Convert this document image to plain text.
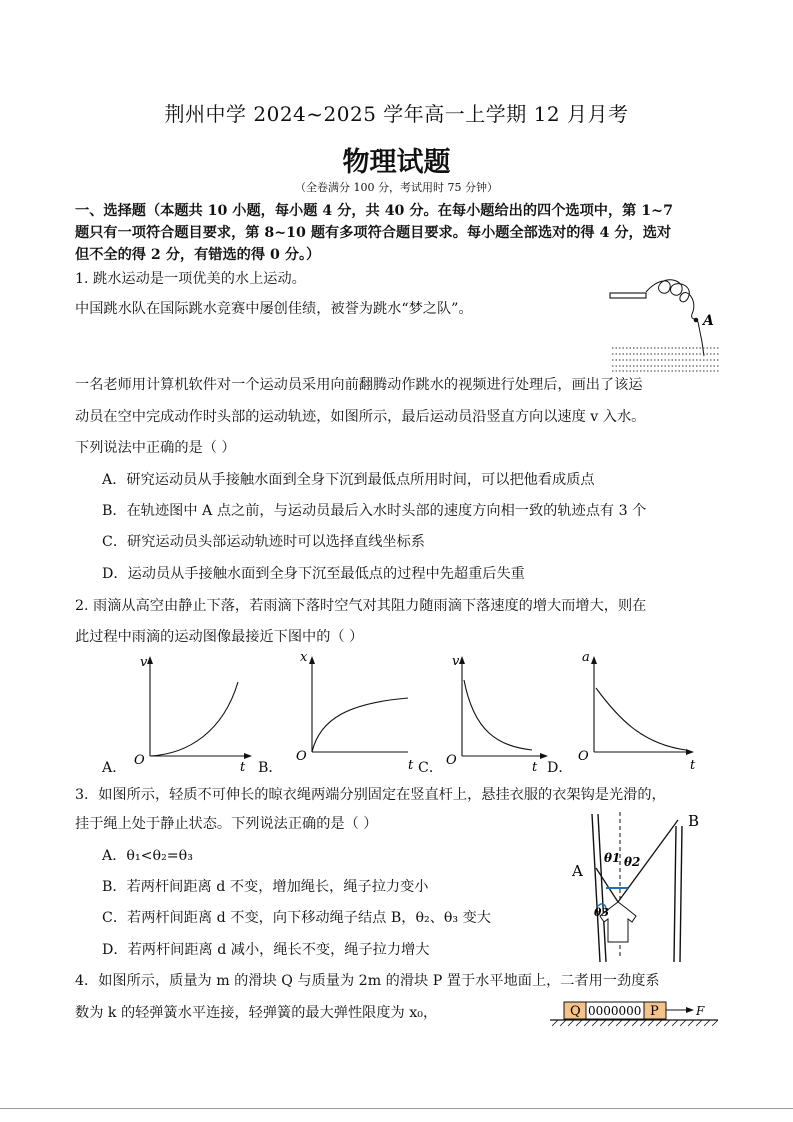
荆州中学 2024~2025 学年高一上学期 12 月月考
物理试题
（全卷满分 100 分，考试用时 75 分钟）
一、选择题（本题共 10 小题，每小题 4 分，共 40 分。在每小题给出的四个选项中，第 1~7
题只有一项符合题目要求，第 8~10 题有多项符合题目要求。每小题全部选对的得 4 分，选对
但不全的得 2 分，有错选的得 0 分。）
1. 跳水运动是一项优美的水上运动。
中国跳水队在国际跳水竞赛中屡创佳绩，被誉为跳水“梦之队”。
A
一名老师用计算机软件对一个运动员采用向前翻腾动作跳水的视频进行处理后，画出了该运
动员在空中完成动作时头部的运动轨迹，如图所示，最后运动员沿竖直方向以速度 v 入水。
下列说法中正确的是（ ）
A．研究运动员从手接触水面到全身下沉到最低点所用时间，可以把他看成质点
B．在轨迹图中 A 点之前，与运动员最后入水时头部的速度方向相一致的轨迹点有 3 个
C．研究运动员头部运动轨迹时可以选择直线坐标系
D．运动员从手接触水面到全身下沉至最低点的过程中先超重后失重
2. 雨滴从高空由静止下落，若雨滴下落时空气对其阻力随雨滴下落速度的增大而增大，则在
此过程中雨滴的运动图像最接近下图中的（ ）
A．
v
O	t B．
x
O
t C．
v
O	t D．
a
O
t
3．如图所示，轻质不可伸长的晾衣绳两端分别固定在竖直杆上，悬挂衣服的衣架钩是光滑的，
挂于绳上处于静止状态。下列说法正确的是（ ）
A．θ₁<θ₂=θ₃
B．若两杆间距离 d 不变，增加绳长，绳子拉力变小
C．若两杆间距离 d 不变，向下移动绳子结点 B，θ₂、θ₃ 变大
D．若两杆间距离 d 减小，绳长不变，绳子拉力增大
θ1 θ2
θ3
A
B
4．如图所示，质量为 m 的滑块 Q 与质量为 2m 的滑块 P 置于水平地面上，二者用一劲度系
数为 k 的轻弹簧水平连接，轻弹簧的最大弹性限度为 x₀，	Q 0000000 P	F
